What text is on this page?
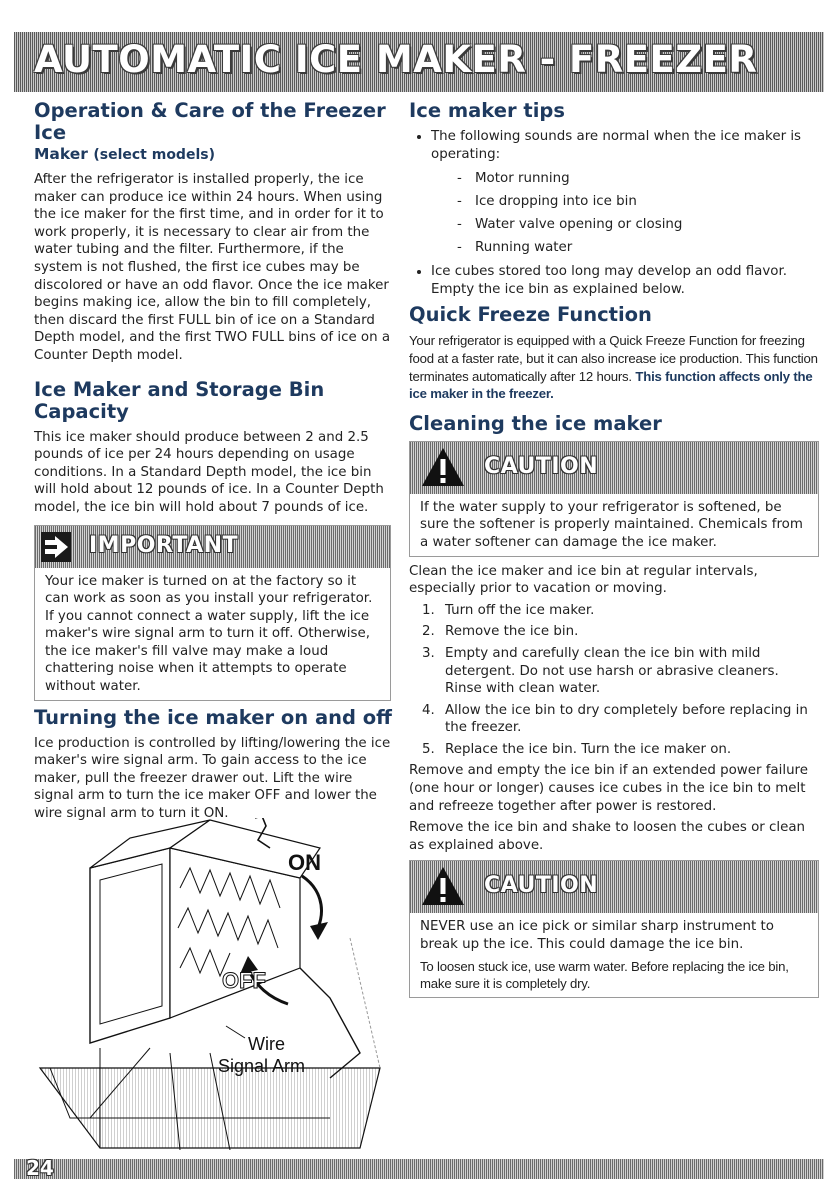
AUTOMATIC ICE MAKER - FREEZER
Operation & Care of the Freezer Ice
Maker (select models)

After the refrigerator is installed properly, the ice maker can produce ice within 24 hours. When using the ice maker for the first time, and in order for it to work properly, it is necessary to clear air from the water tubing and the filter. Furthermore, if the system is not flushed, the first ice cubes may be discolored or have an odd flavor. Once the ice maker begins making ice, allow the bin to fill completely, then discard the first FULL bin of ice on a Standard Depth model, and the first TWO FULL bins of ice on a Counter Depth model.

Ice Maker and Storage Bin Capacity

This ice maker should produce between 2 and 2.5 pounds of ice per 24 hours depending on usage conditions. In a Standard Depth model, the ice bin will hold about 12 pounds of ice. In a Counter Depth model, the ice bin will hold about 7 pounds of ice.

IMPORTANT

Your ice maker is turned on at the factory so it can work as soon as you install your refrigerator. If you cannot connect a water supply, lift the ice maker's wire signal arm to turn it off. Otherwise, the ice maker's fill valve may make a loud chattering noise when it attempts to operate without water.

Turning the ice maker on and off

Ice production is controlled by lifting/lowering the ice maker's wire signal arm. To gain access to the ice maker, pull the freezer drawer out. Lift the wire signal arm to turn the ice maker OFF and lower the wire signal arm to turn it ON.

ON
OFF
Wire
Signal Arm
Ice maker tips
• The following sounds are normal when the ice maker is operating:
- Motor running
- Ice dropping into ice bin
- Water valve opening or closing
- Running water
• Ice cubes stored too long may develop an odd flavor. Empty the ice bin as explained below.
Quick Freeze Function

Your refrigerator is equipped with a Quick Freeze Function for freezing food at a faster rate, but it can also increase ice production. This function terminates automatically after 12 hours. This function affects only the ice maker in the freezer.

Cleaning the ice maker
CAUTION

If the water supply to your refrigerator is softened, be sure the softener is properly maintained. Chemicals from a water softener can damage the ice maker.

Clean the ice maker and ice bin at regular intervals, especially prior to vacation or moving.

1. Turn off the ice maker.
2. Remove the ice bin.
3. Empty and carefully clean the ice bin with mild detergent. Do not use harsh or abrasive cleaners. Rinse with clean water.
4. Allow the ice bin to dry completely before replacing in the freezer.
5. Replace the ice bin. Turn the ice maker on.

Remove and empty the ice bin if an extended power failure (one hour or longer) causes ice cubes in the ice bin to melt and refreeze together after power is restored.

Remove the ice bin and shake to loosen the cubes or clean as explained above.

CAUTION

NEVER use an ice pick or similar sharp instrument to break up the ice. This could damage the ice bin.

To loosen stuck ice, use warm water. Before replacing the ice bin, make sure it is completely dry.

24
